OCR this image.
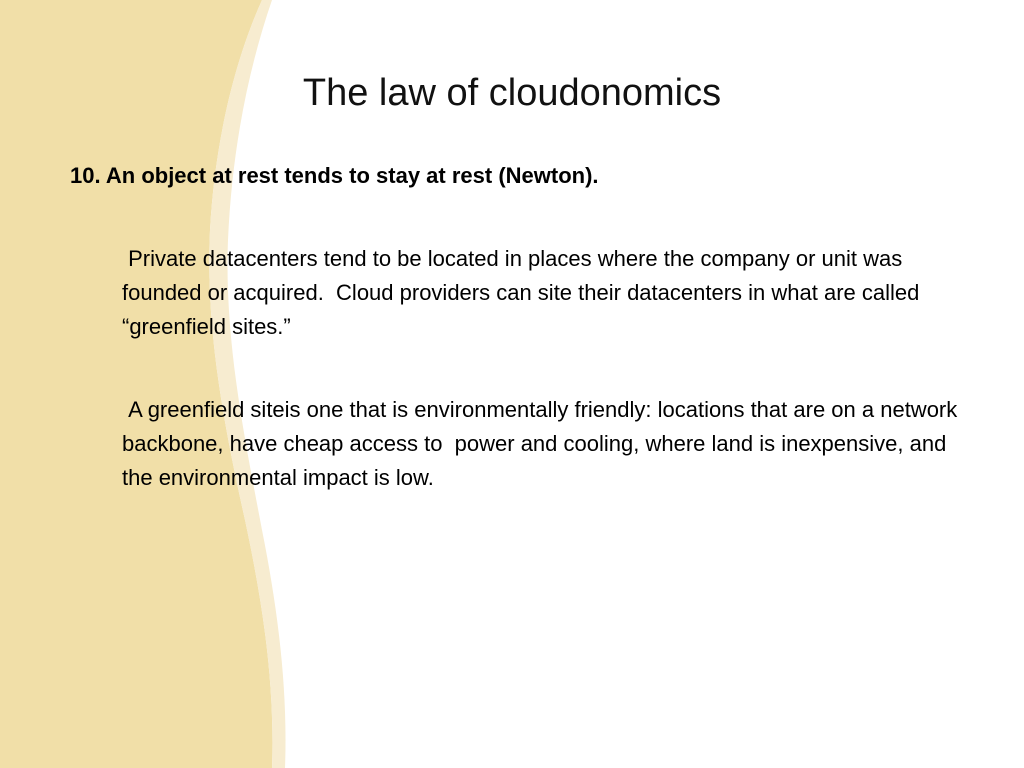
The law of cloudonomics

10. An object at rest tends to stay at rest (Newton).

Private datacenters tend to be located in places where the company or unit was founded or acquired.  Cloud providers can site their datacenters in what are called “greenfield sites.”

A greenfield siteis one that is environmentally friendly: locations that are on a network backbone, have cheap access to  power and cooling, where land is inexpensive, and the environmental impact is low.
